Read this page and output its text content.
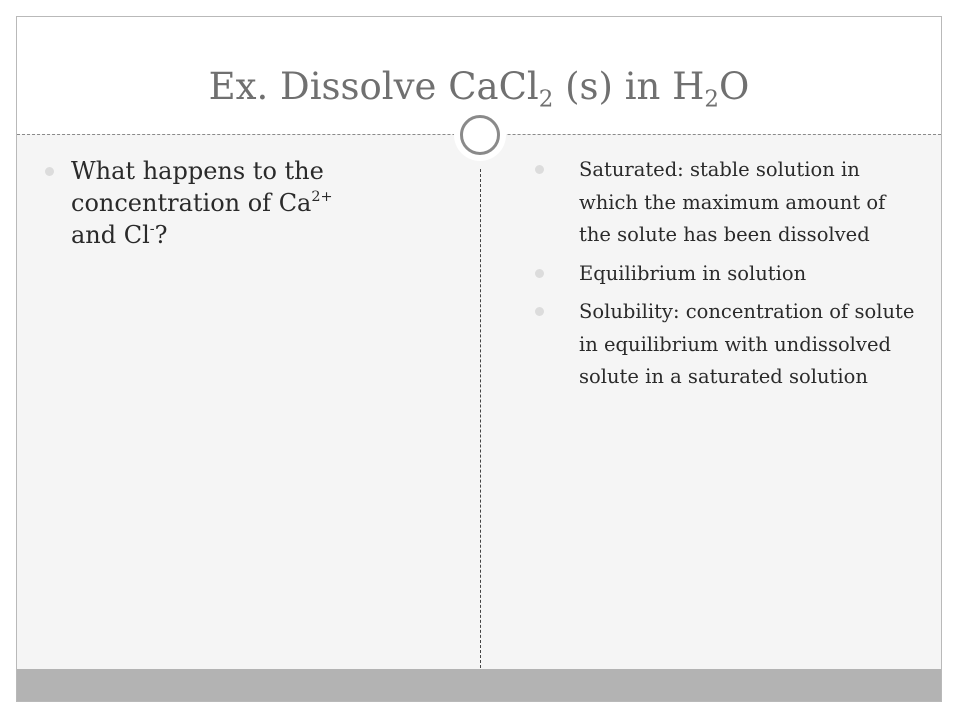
Ex. Dissolve CaCl$_2$ (s) in $H_2O$
What happens to the
concentration of $Ca^{2+}$
and Cl-?
Saturated: stable solution in which the maximum amount of the solute has been dissolved
Equilibrium in solution
Solubility: concentration of solute in equilibrium with undissolved solute in a saturated solution
